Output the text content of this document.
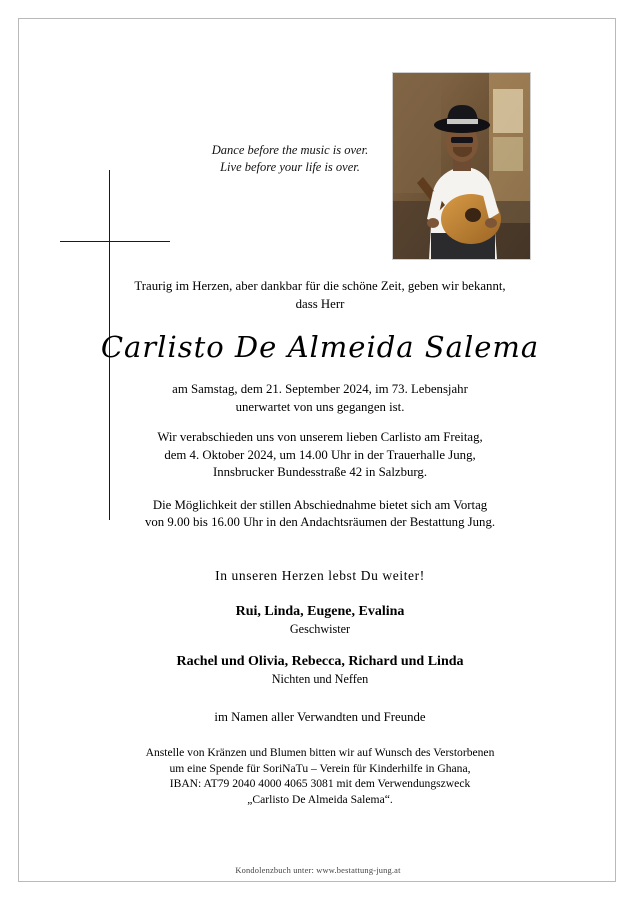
Dance before the music is over.
Live before your life is over.
Traurig im Herzen, aber dankbar für die schöne Zeit, geben wir bekannt,
dass Herr
Carlisto De Almeida Salema
am Samstag, dem 21. September 2024, im 73. Lebensjahr
unerwartet von uns gegangen ist.
Wir verabschieden uns von unserem lieben Carlisto am Freitag,
dem 4. Oktober 2024, um 14.00 Uhr in der Trauerhalle Jung,
Innsbrucker Bundesstraße 42 in Salzburg.
Die Möglichkeit der stillen Abschiednahme bietet sich am Vortag
von 9.00 bis 16.00 Uhr in den Andachtsräumen der Bestattung Jung.
In unseren Herzen lebst Du weiter!
Rui, Linda, Eugene, Evalina
Geschwister
Rachel und Olivia, Rebecca, Richard und Linda
Nichten und Neffen
im Namen aller Verwandten und Freunde
Anstelle von Kränzen und Blumen bitten wir auf Wunsch des Verstorbenen
um eine Spende für SoriNaTu – Verein für Kinderhilfe in Ghana,
IBAN: AT79 2040 4000 4065 3081 mit dem Verwendungszweck
„Carlisto De Almeida Salema“.
Kondolenzbuch unter: www.bestattung-jung.at
